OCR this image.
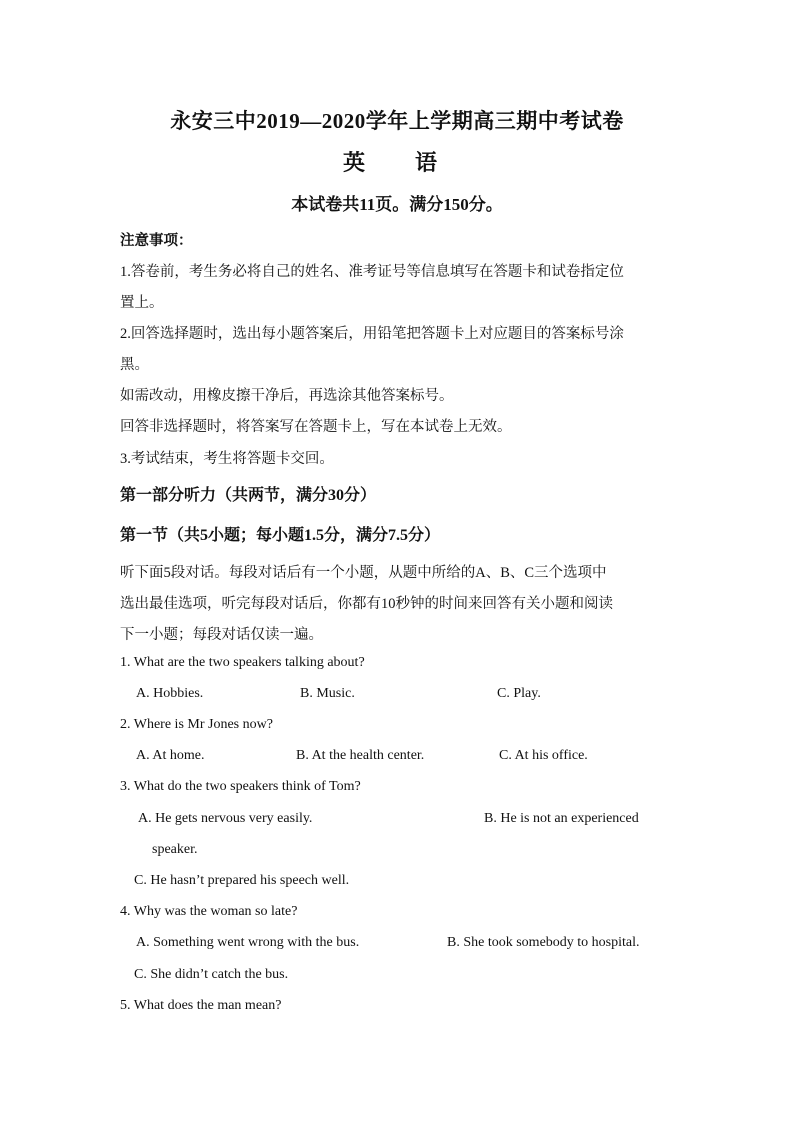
永安三中2019—2020学年上学期高三期中考试卷
英　语
本试卷共11页。满分150分。
注意事项：
1.答卷前，考生务必将自己的姓名、准考证号等信息填写在答题卡和试卷指定位
置上。
2.回答选择题时，选出每小题答案后，用铅笔把答题卡上对应题目的答案标号涂
黑。
如需改动，用橡皮擦干净后，再选涂其他答案标号。
回答非选择题时，将答案写在答题卡上，写在本试卷上无效。
3.考试结束，考生将答题卡交回。
第一部分听力（共两节，满分30分）
第一节（共5小题；每小题1.5分，满分7.5分）
听下面5段对话。每段对话后有一个小题，从题中所给的A、B、C三个选项中
选出最佳选项，听完每段对话后，你都有10秒钟的时间来回答有关小题和阅读
下一小题；每段对话仅读一遍。
1. What are the two speakers talking about?
A. Hobbies.	B. Music.	C. Play.
2. Where is Mr Jones now?
A. At home.	B. At the health center.	C. At his office.
3. What do the two speakers think of Tom?
A. He gets nervous very easily.	B. He is not an experienced
speaker.
C. He hasn’t prepared his speech well.
4. Why was the woman so late?
A. Something went wrong with the bus.	B. She took somebody to hospital.
C. She didn’t catch the bus.
5. What does the man mean?
